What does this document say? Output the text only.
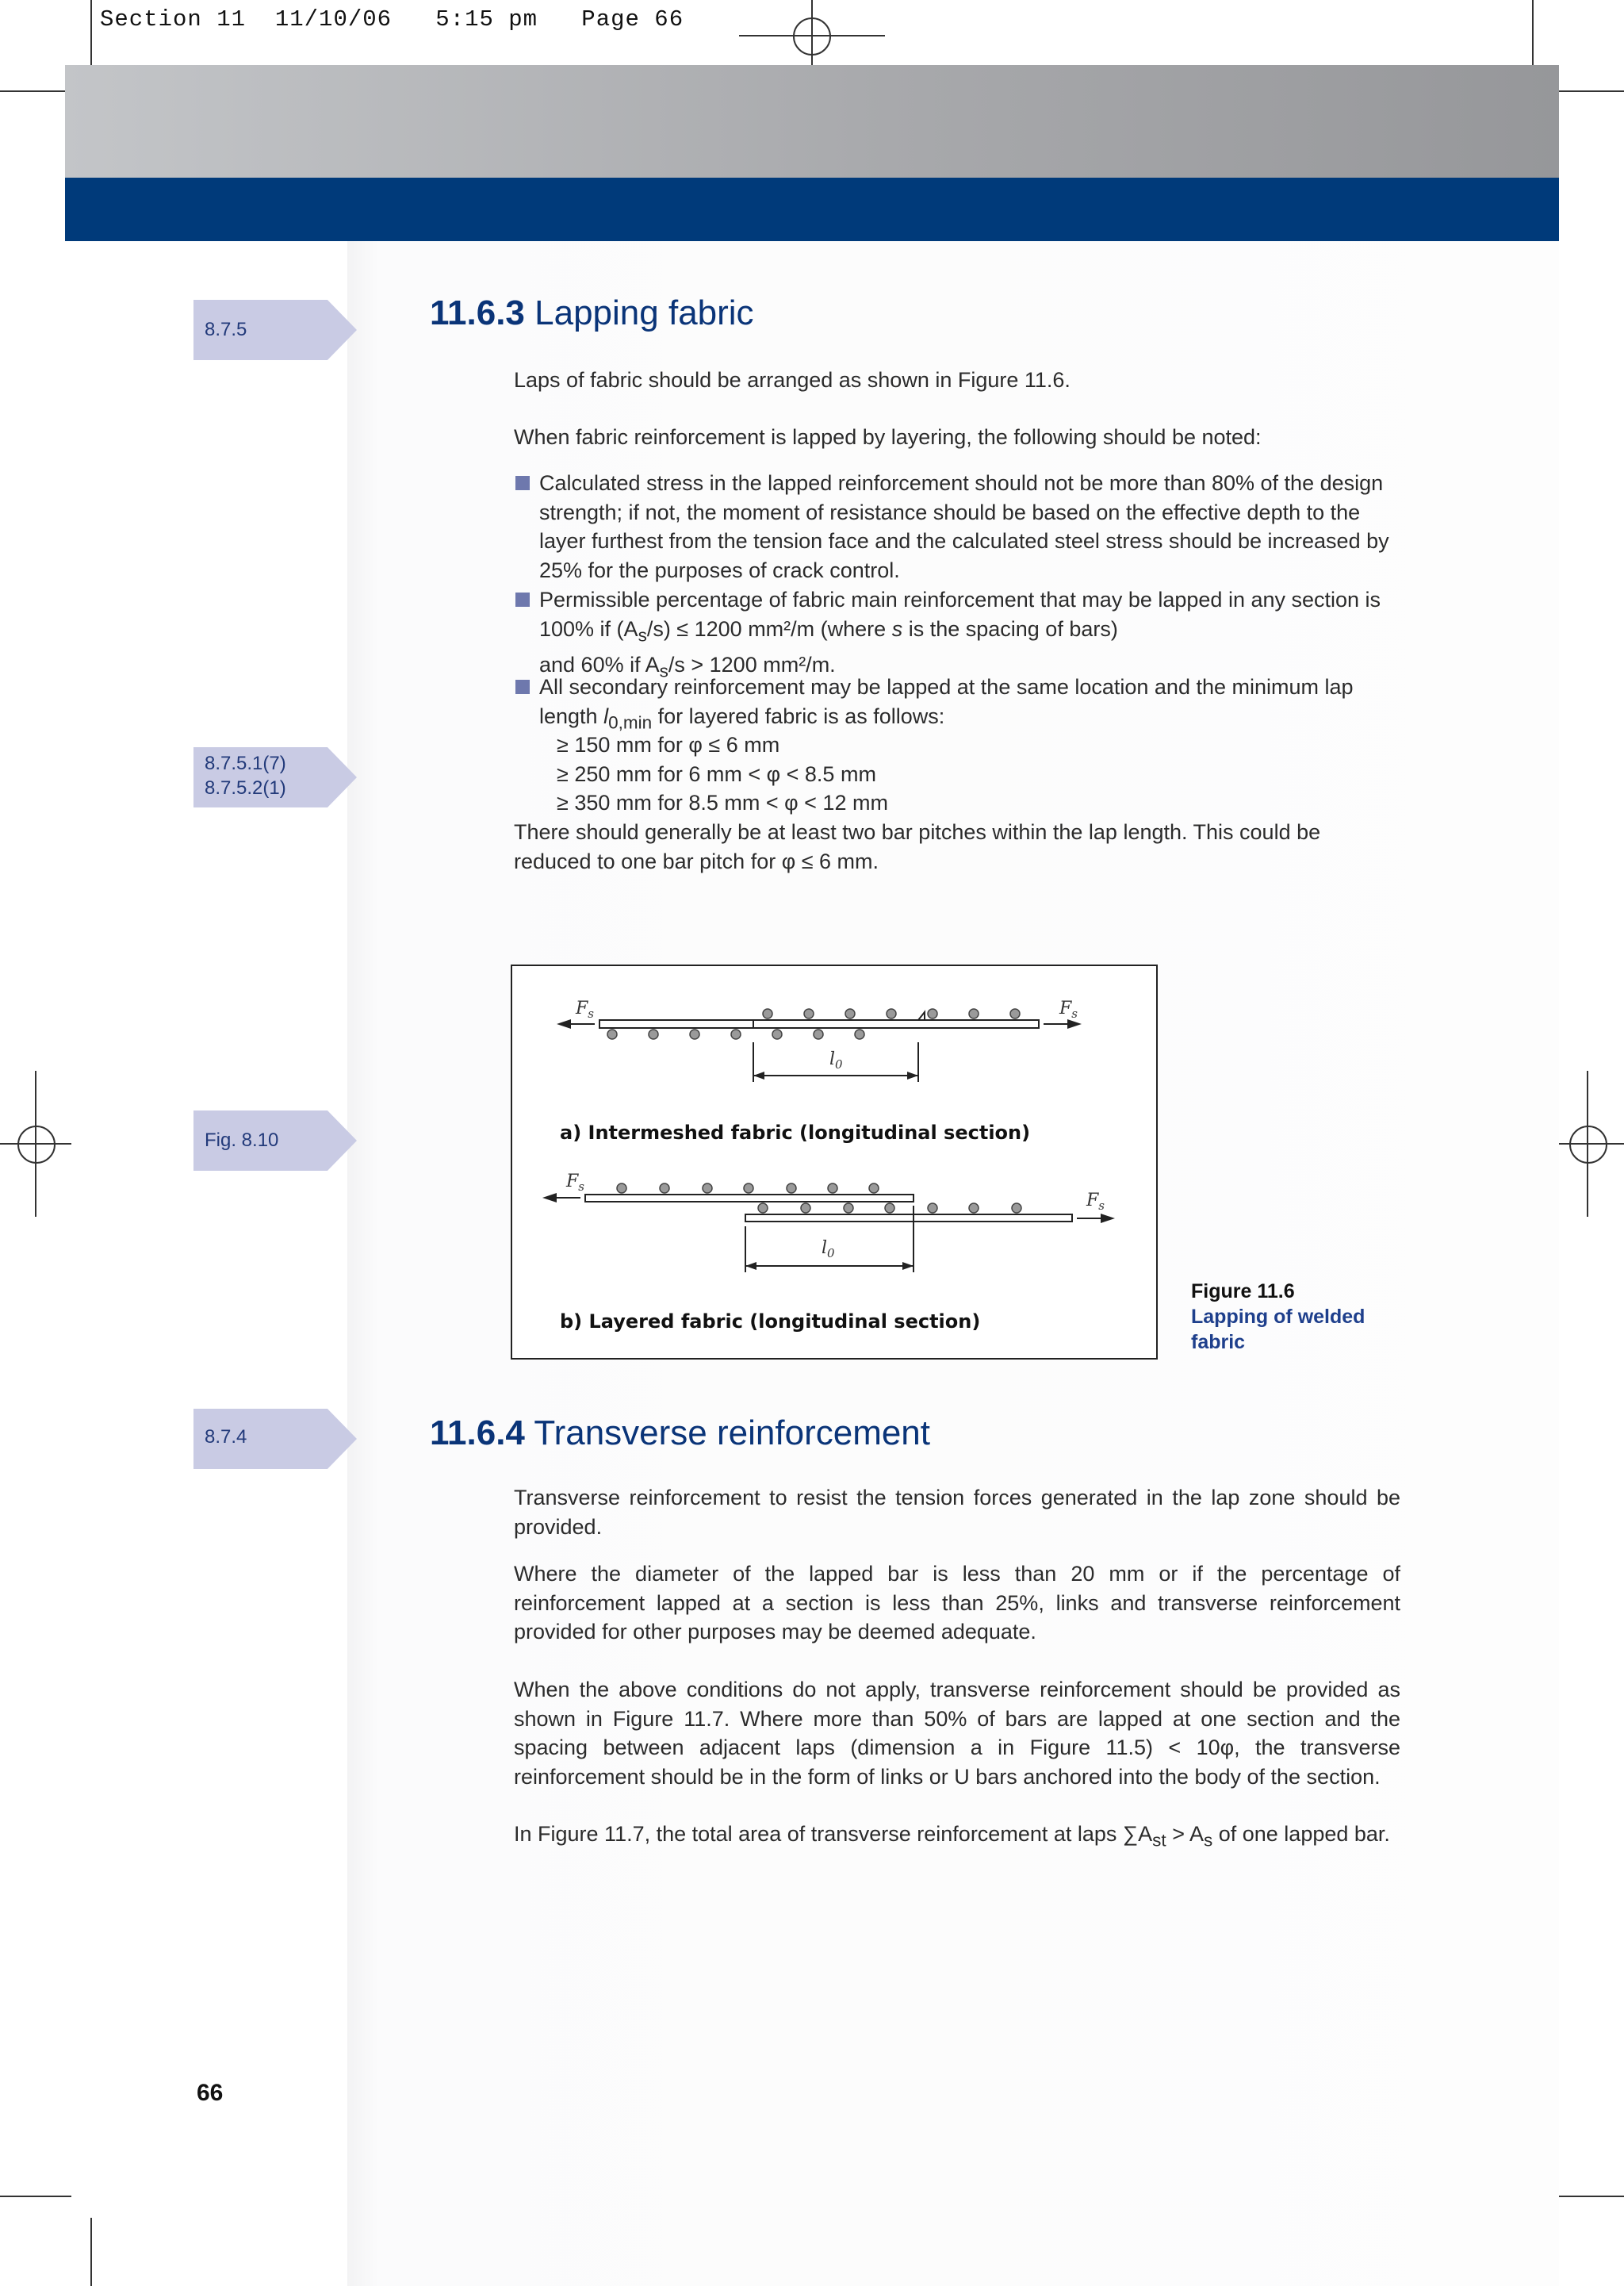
Section 11  11/10/06   5:15 pm   Page 66
8.7.5
8.7.5.1(7)
8.7.5.2(1)
Fig. 8.10
8.7.4
11.6.3 Lapping fabric
Laps of fabric should be arranged as shown in Figure 11.6.
When fabric reinforcement is lapped by layering, the following should be noted:
Calculated stress in the lapped reinforcement should not be more than 80% of the design strength; if not, the moment of resistance should be based on the effective depth to the layer furthest from the tension face and the calculated steel stress should be increased by 25% for the purposes of crack control.
Permissible percentage of fabric main reinforcement that may be lapped in any section is
100% if $(A_s/s) \le 1200$ mm²/m (where s is the spacing of bars)
and 60% if $A_s/s > 1200$ mm²/m.
All secondary reinforcement may be lapped at the same location and the minimum lap
length $l_{0,min}$ for layered fabric is as follows:
≥ 150 mm for φ ≤ 6 mm
≥ 250 mm for 6 mm < φ < 8.5 mm
≥ 350 mm for 8.5 mm < φ < 12 mm
There should generally be at least two bar pitches within the lap length. This could be reduced to one bar pitch for φ ≤ 6 mm.
$F_s$	$F_s$
$l_0$
a) Intermeshed fabric (longitudinal section)
$F_s$
$F_s$
$l_0$
b) Layered fabric (longitudinal section)
Figure 11.6
Lapping of welded
fabric
11.6.4 Transverse reinforcement
Transverse reinforcement to resist the tension forces generated in the lap zone should be provided.
Where the diameter of the lapped bar is less than 20 mm or if the percentage of reinforcement lapped at a section is less than 25%, links and transverse reinforcement provided for other purposes may be deemed adequate.
When the above conditions do not apply, transverse reinforcement should be provided as shown in Figure 11.7. Where more than 50% of bars are lapped at one section and the spacing between adjacent laps (dimension a in Figure 11.5) < 10φ, the transverse reinforcement should be in the form of links or U bars anchored into the body of the section.
In Figure 11.7, the total area of transverse reinforcement at laps $\sum A_{st} > A_s$ of one lapped bar.
66
